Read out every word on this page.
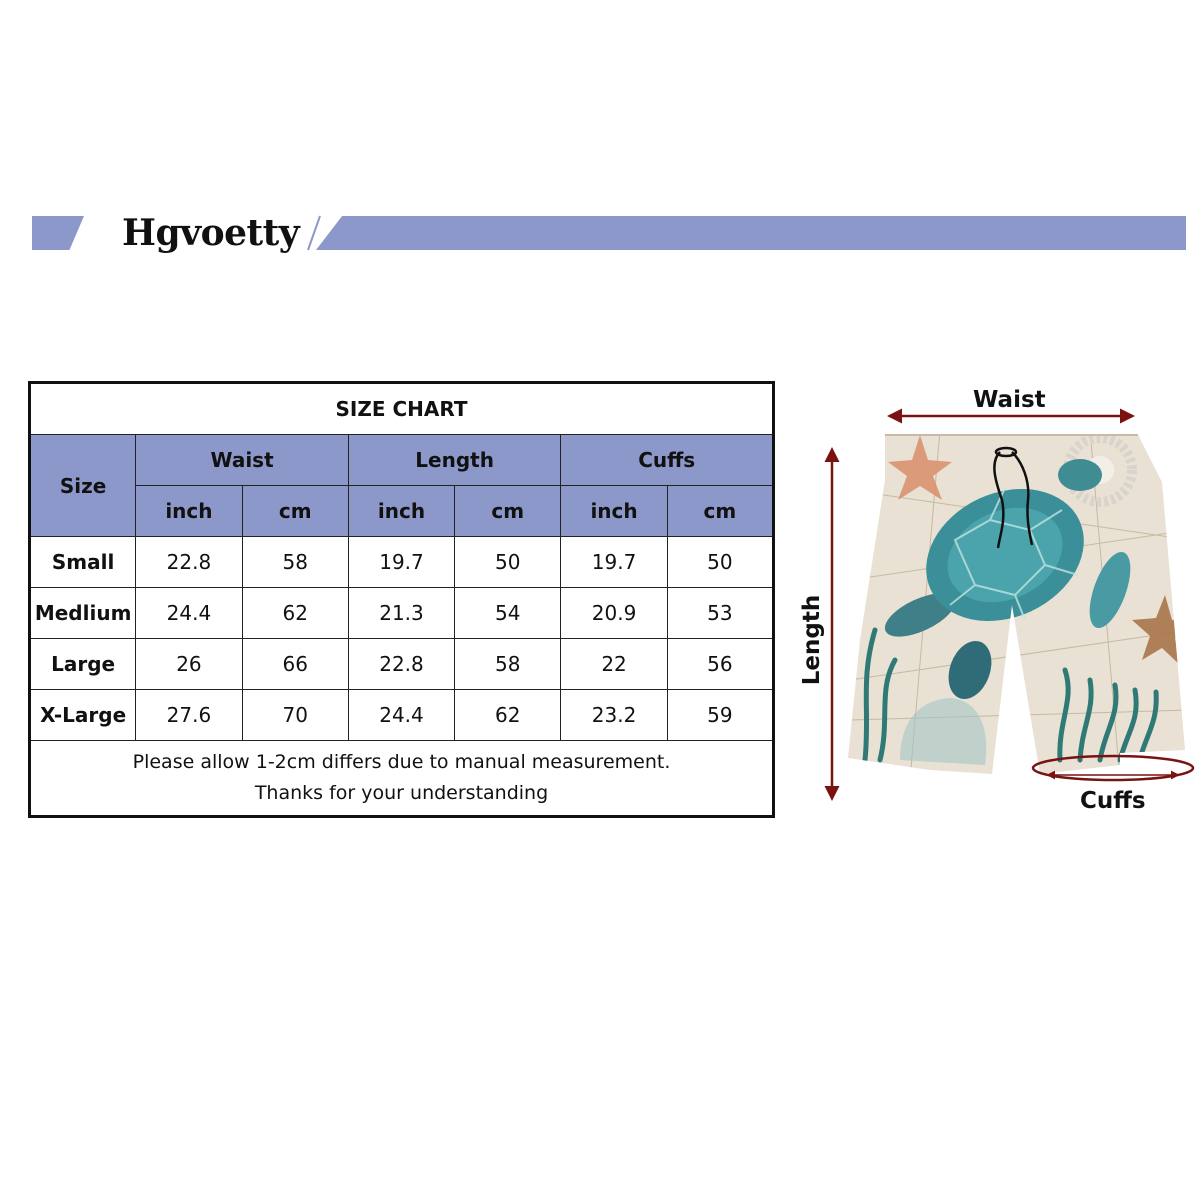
Hgvoetty
SIZE CHART						
Size	Waist		Length		Cuffs	
	inch	cm	inch	cm	inch	cm
Small	22.8	58	19.7	50	19.7	50
Medlium	24.4	62	21.3	54	20.9	53
Large	26	66	22.8	58	22	56
X-Large	27.6	70	24.4	62	23.2	59

Please allow 1-2cm differs due to manual measurement.
Thanks for your understanding						
Waist
Length
Cuffs
